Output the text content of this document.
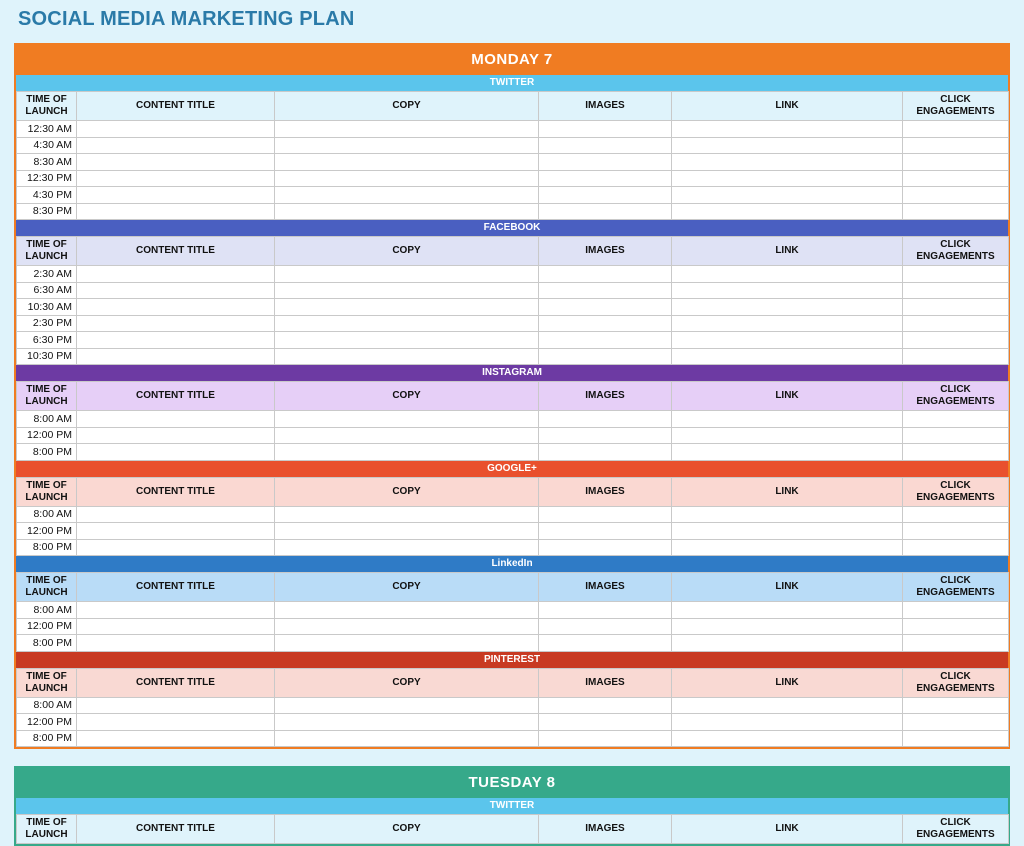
SOCIAL MEDIA MARKETING PLAN
MONDAY 7
TWITTER
TIME OF LAUNCH	CONTENT TITLE	COPY	IMAGES	LINK	CLICK ENGAGEMENTS
12:30 AM					
4:30 AM					
8:30 AM					
12:30 PM					
4:30 PM					
8:30 PM					
FACEBOOK
TIME OF LAUNCH	CONTENT TITLE	COPY	IMAGES	LINK	CLICK ENGAGEMENTS
2:30 AM					
6:30 AM					
10:30 AM					
2:30 PM					
6:30 PM					
10:30 PM					
INSTAGRAM
TIME OF LAUNCH	CONTENT TITLE	COPY	IMAGES	LINK	CLICK ENGAGEMENTS
8:00 AM					
12:00 PM					
8:00 PM					
GOOGLE+
TIME OF LAUNCH	CONTENT TITLE	COPY	IMAGES	LINK	CLICK ENGAGEMENTS
8:00 AM					
12:00 PM					
8:00 PM					
LinkedIn
TIME OF LAUNCH	CONTENT TITLE	COPY	IMAGES	LINK	CLICK ENGAGEMENTS
8:00 AM					
12:00 PM					
8:00 PM					
PINTEREST
TIME OF LAUNCH	CONTENT TITLE	COPY	IMAGES	LINK	CLICK ENGAGEMENTS
8:00 AM					
12:00 PM					
8:00 PM					
TUESDAY 8
TWITTER
TIME OF LAUNCH	CONTENT TITLE	COPY	IMAGES	LINK	CLICK ENGAGEMENTS
